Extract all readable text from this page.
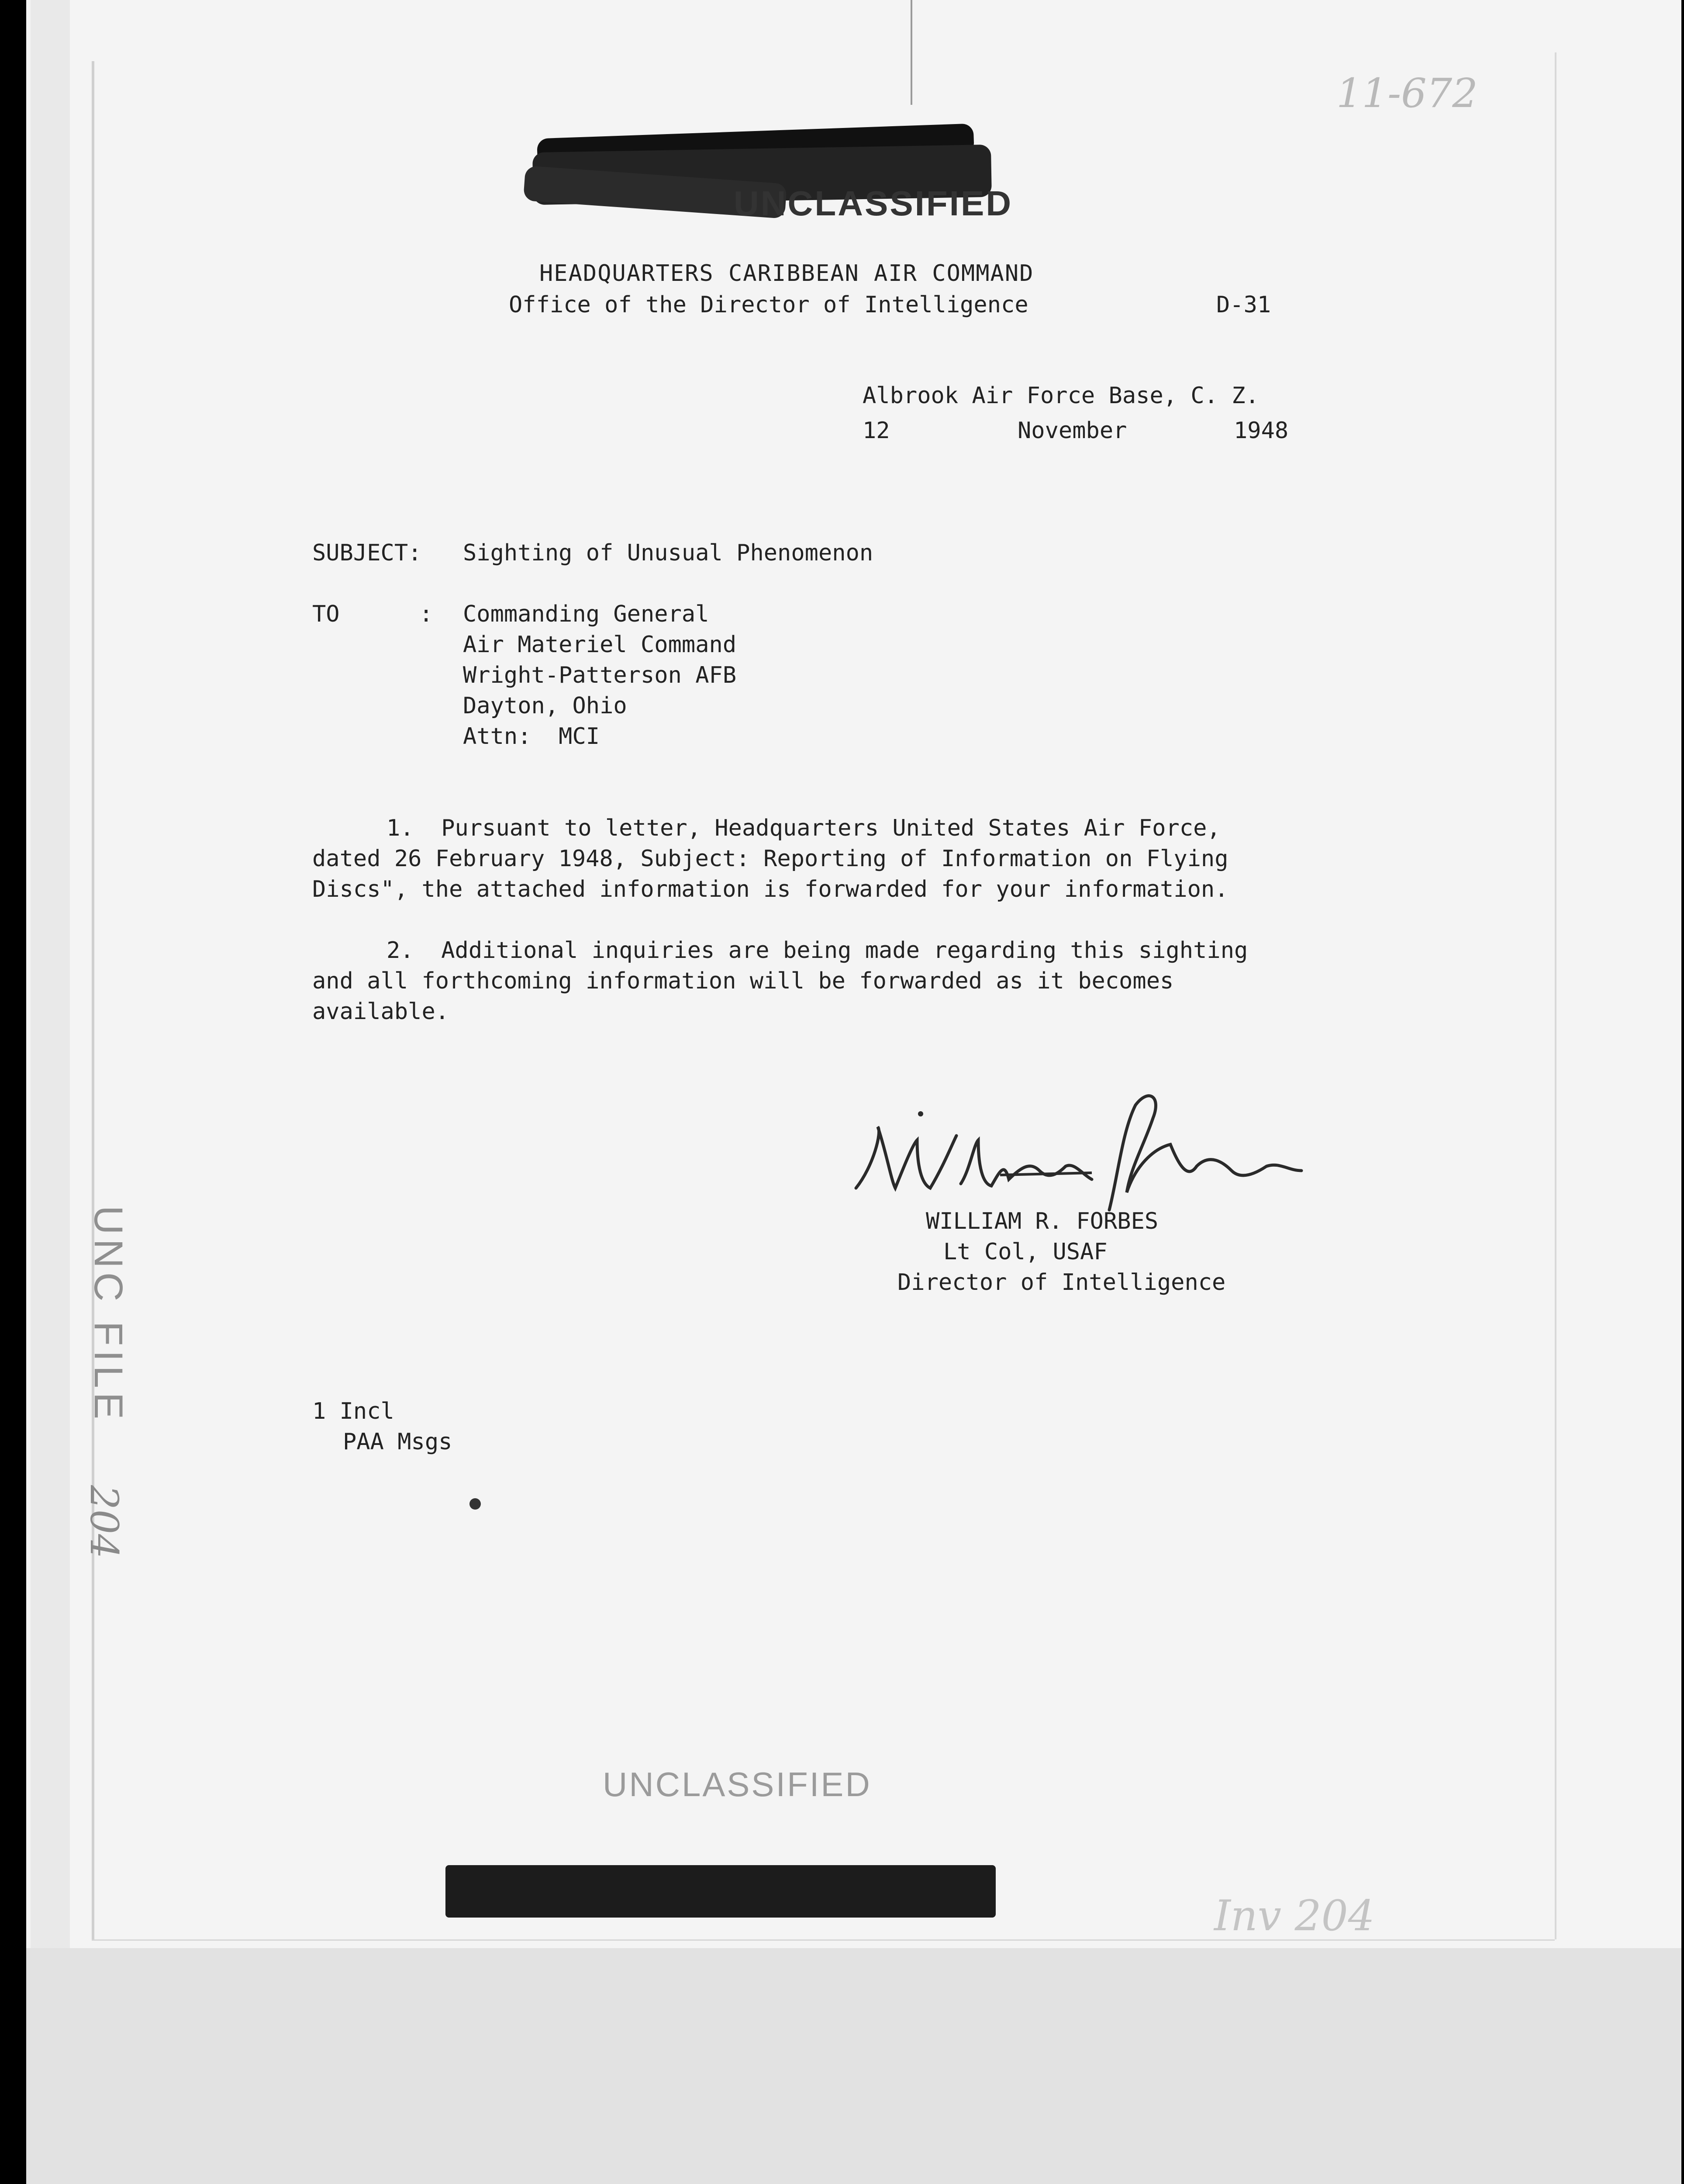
11-672
UNCLASSIFIED
HEADQUARTERS CARIBBEAN AIR COMMAND
Office of the Director of Intelligence	D-31
Albrook Air Force Base, C. Z.
12	November	1948
SUBJECT: Sighting of Unusual Phenomenon
TO	: Commanding General
Air Materiel Command
Wright-Patterson AFB
Dayton, Ohio
Attn:  MCI
1.  Pursuant to letter, Headquarters United States Air Force,
dated 26 February 1948, Subject: Reporting of Information on Flying
Discs", the attached information is forwarded for your information.
2.  Additional inquiries are being made regarding this sighting
and all forthcoming information will be forwarded as it becomes
available.
WILLIAM R. FORBES
Lt Col, USAF
Director of Intelligence
1 Incl
PAA Msgs
UNC FILE
204
UNCLASSIFIED
Inv 204
